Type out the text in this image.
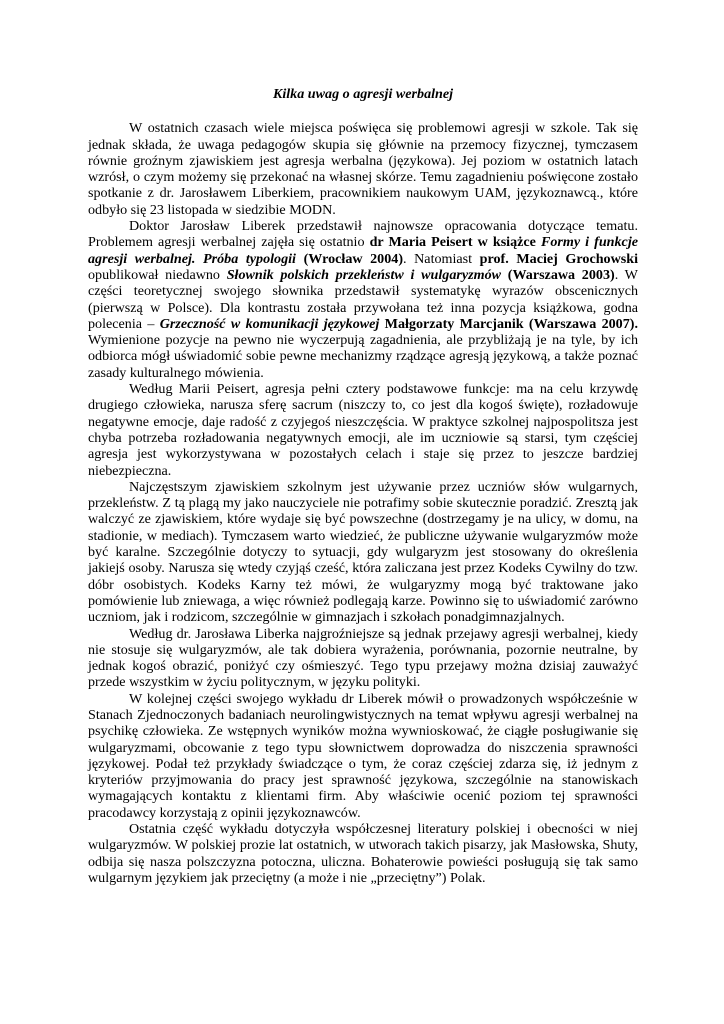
Kilka uwag o agresji werbalnej

W ostatnich czasach wiele miejsca poświęca się problemowi agresji w szkole. Tak się jednak składa, że uwaga pedagogów skupia się głównie na przemocy fizycznej, tymczasem równie groźnym zjawiskiem jest agresja werbalna (językowa). Jej poziom w ostatnich latach wzrósł, o czym możemy się przekonać na własnej skórze. Temu zagadnieniu poświęcone zostało spotkanie z dr. Jarosławem Liberkiem, pracownikiem naukowym UAM, językoznawcą., które odbyło się 23 listopada w siedzibie MODN.

Doktor Jarosław Liberek przedstawił najnowsze opracowania dotyczące tematu. Problemem agresji werbalnej zajęła się ostatnio dr Maria Peisert w książce Formy i funkcje agresji werbalnej. Próba typologii (Wrocław 2004). Natomiast prof. Maciej Grochowski opublikował niedawno Słownik polskich przekleństw i wulgaryzmów (Warszawa 2003). W części teoretycznej swojego słownika przedstawił systematykę wyrazów obscenicznych (pierwszą w Polsce). Dla kontrastu została przywołana też inna pozycja książkowa, godna polecenia – Grzeczność w komunikacji językowej Małgorzaty Marcjanik (Warszawa 2007). Wymienione pozycje na pewno nie wyczerpują zagadnienia, ale przybliżają je na tyle, by ich odbiorca mógł uświadomić sobie pewne mechanizmy rządzące agresją językową, a także poznać zasady kulturalnego mówienia.

Według Marii Peisert, agresja pełni cztery podstawowe funkcje: ma na celu krzywdę drugiego człowieka, narusza sferę sacrum (niszczy to, co jest dla kogoś święte), rozładowuje negatywne emocje, daje radość z czyjegoś nieszczęścia. W praktyce szkolnej najpospolitsza jest chyba potrzeba rozładowania negatywnych emocji, ale im uczniowie są starsi, tym częściej agresja jest wykorzystywana w pozostałych celach i staje się przez to jeszcze bardziej niebezpieczna.

Najczęstszym zjawiskiem szkolnym jest używanie przez uczniów słów wulgarnych, przekleństw. Z tą plagą my jako nauczyciele nie potrafimy sobie skutecznie poradzić. Zresztą jak walczyć ze zjawiskiem, które wydaje się być powszechne (dostrzegamy je na ulicy, w domu, na stadionie, w mediach). Tymczasem warto wiedzieć, że publiczne używanie wulgaryzmów może być karalne. Szczególnie dotyczy to sytuacji, gdy wulgaryzm jest stosowany do określenia jakiejś osoby. Narusza się wtedy czyjąś cześć, która zaliczana jest przez Kodeks Cywilny do tzw. dóbr osobistych. Kodeks Karny też mówi, że wulgaryzmy mogą być traktowane jako pomówienie lub zniewaga, a więc również podlegają karze. Powinno się to uświadomić zarówno uczniom, jak i rodzicom, szczególnie w gimnazjach i szkołach ponadgimnazjalnych.

Według dr. Jarosława Liberka najgroźniejsze są jednak przejawy agresji werbalnej, kiedy nie stosuje się wulgaryzmów, ale tak dobiera wyrażenia, porównania, pozornie neutralne, by jednak kogoś obrazić, poniżyć czy ośmieszyć. Tego typu przejawy można dzisiaj zauważyć przede wszystkim w życiu politycznym, w języku polityki.

W kolejnej części swojego wykładu dr Liberek mówił o prowadzonych współcześnie w Stanach Zjednoczonych badaniach neurolingwistycznych na temat wpływu agresji werbalnej na psychikę człowieka. Ze wstępnych wyników można wywnioskować, że ciągłe posługiwanie się wulgaryzmami, obcowanie z tego typu słownictwem doprowadza do niszczenia sprawności językowej. Podał też przykłady świadczące o tym, że coraz częściej zdarza się, iż jednym z kryteriów przyjmowania do pracy jest sprawność językowa, szczególnie na stanowiskach wymagających kontaktu z klientami firm. Aby właściwie ocenić poziom tej sprawności pracodawcy korzystają z opinii językoznawców.

Ostatnia część wykładu dotyczyła współczesnej literatury polskiej i obecności w niej wulgaryzmów. W polskiej prozie lat ostatnich, w utworach takich pisarzy, jak Masłowska, Shuty, odbija się nasza polszczyzna potoczna, uliczna. Bohaterowie powieści posługują się tak samo wulgarnym językiem jak przeciętny (a może i nie „przeciętny”) Polak.
